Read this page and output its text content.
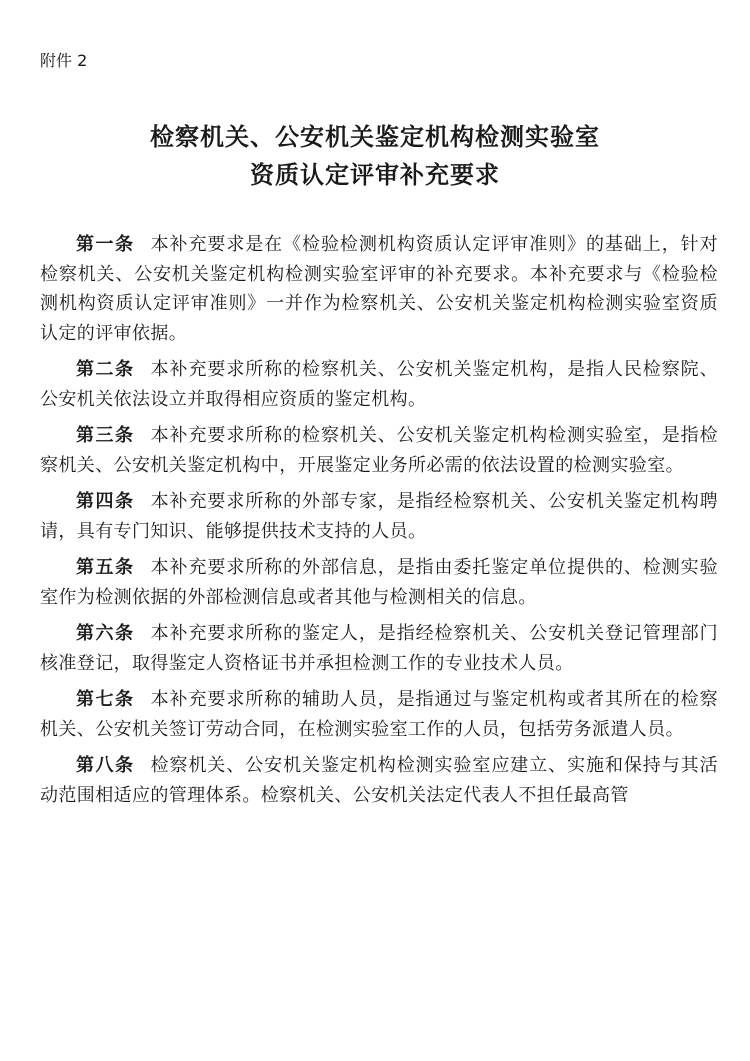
附件 2
检察机关、公安机关鉴定机构检测实验室
资质认定评审补充要求

第一条 本补充要求是在《检验检测机构资质认定评审准则》的基础上，针对检察机关、公安机关鉴定机构检测实验室评审的补充要求。本补充要求与《检验检测机构资质认定评审准则》一并作为检察机关、公安机关鉴定机构检测实验室资质认定的评审依据。

第二条 本补充要求所称的检察机关、公安机关鉴定机构，是指人民检察院、公安机关依法设立并取得相应资质的鉴定机构。

第三条 本补充要求所称的检察机关、公安机关鉴定机构检测实验室，是指检察机关、公安机关鉴定机构中，开展鉴定业务所必需的依法设置的检测实验室。

第四条 本补充要求所称的外部专家，是指经检察机关、公安机关鉴定机构聘请，具有专门知识、能够提供技术支持的人员。

第五条 本补充要求所称的外部信息，是指由委托鉴定单位提供的、检测实验室作为检测依据的外部检测信息或者其他与检测相关的信息。

第六条 本补充要求所称的鉴定人，是指经检察机关、公安机关登记管理部门核准登记，取得鉴定人资格证书并承担检测工作的专业技术人员。

第七条 本补充要求所称的辅助人员，是指通过与鉴定机构或者其所在的检察机关、公安机关签订劳动合同，在检测实验室工作的人员，包括劳务派遣人员。

第八条 检察机关、公安机关鉴定机构检测实验室应建立、实施和保持与其活动范围相适应的管理体系。检察机关、公安机关法定代表人不担任最高管
